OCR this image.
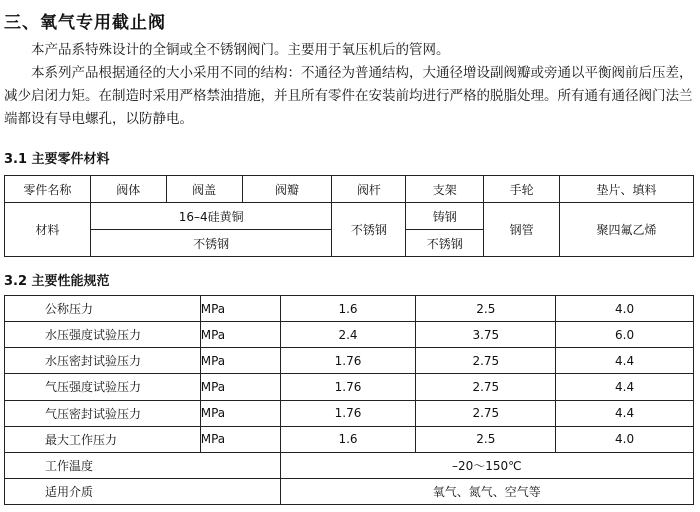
三、氧气专用截止阀

本产品系特殊设计的全铜或全不锈钢阀门。主要用于氧压机后的管网。

本系列产品根据通径的大小采用不同的结构：不通径为普通结构，大通径增设副阀瓣或旁通以平衡阀前后压差，减少启闭力矩。在制造时采用严格禁油措施，并且所有零件在安装前均进行严格的脱脂处理。所有通有通径阀门法兰端都设有导电螺孔，以防静电。

3.1 主要零件材料
零件名称	阀体	阀盖	阀瓣	阀杆	支架	手轮	垫片、填料
材料	16–4硅黄铜			不锈钢	铸钢	钢管	聚四氟乙烯
	不锈钢				不锈钢		
3.2 主要性能规范
公称压力	MPa	1.6	2.5	4.0
水压强度试验压力	MPa	2.4	3.75	6.0
水压密封试验压力	MPa	1.76	2.75	4.4
气压强度试验压力	MPa	1.76	2.75	4.4
气压密封试验压力	MPa	1.76	2.75	4.4
最大工作压力	MPa	1.6	2.5	4.0
工作温度		–20～150℃		
适用介质		氧气、氮气、空气等		
